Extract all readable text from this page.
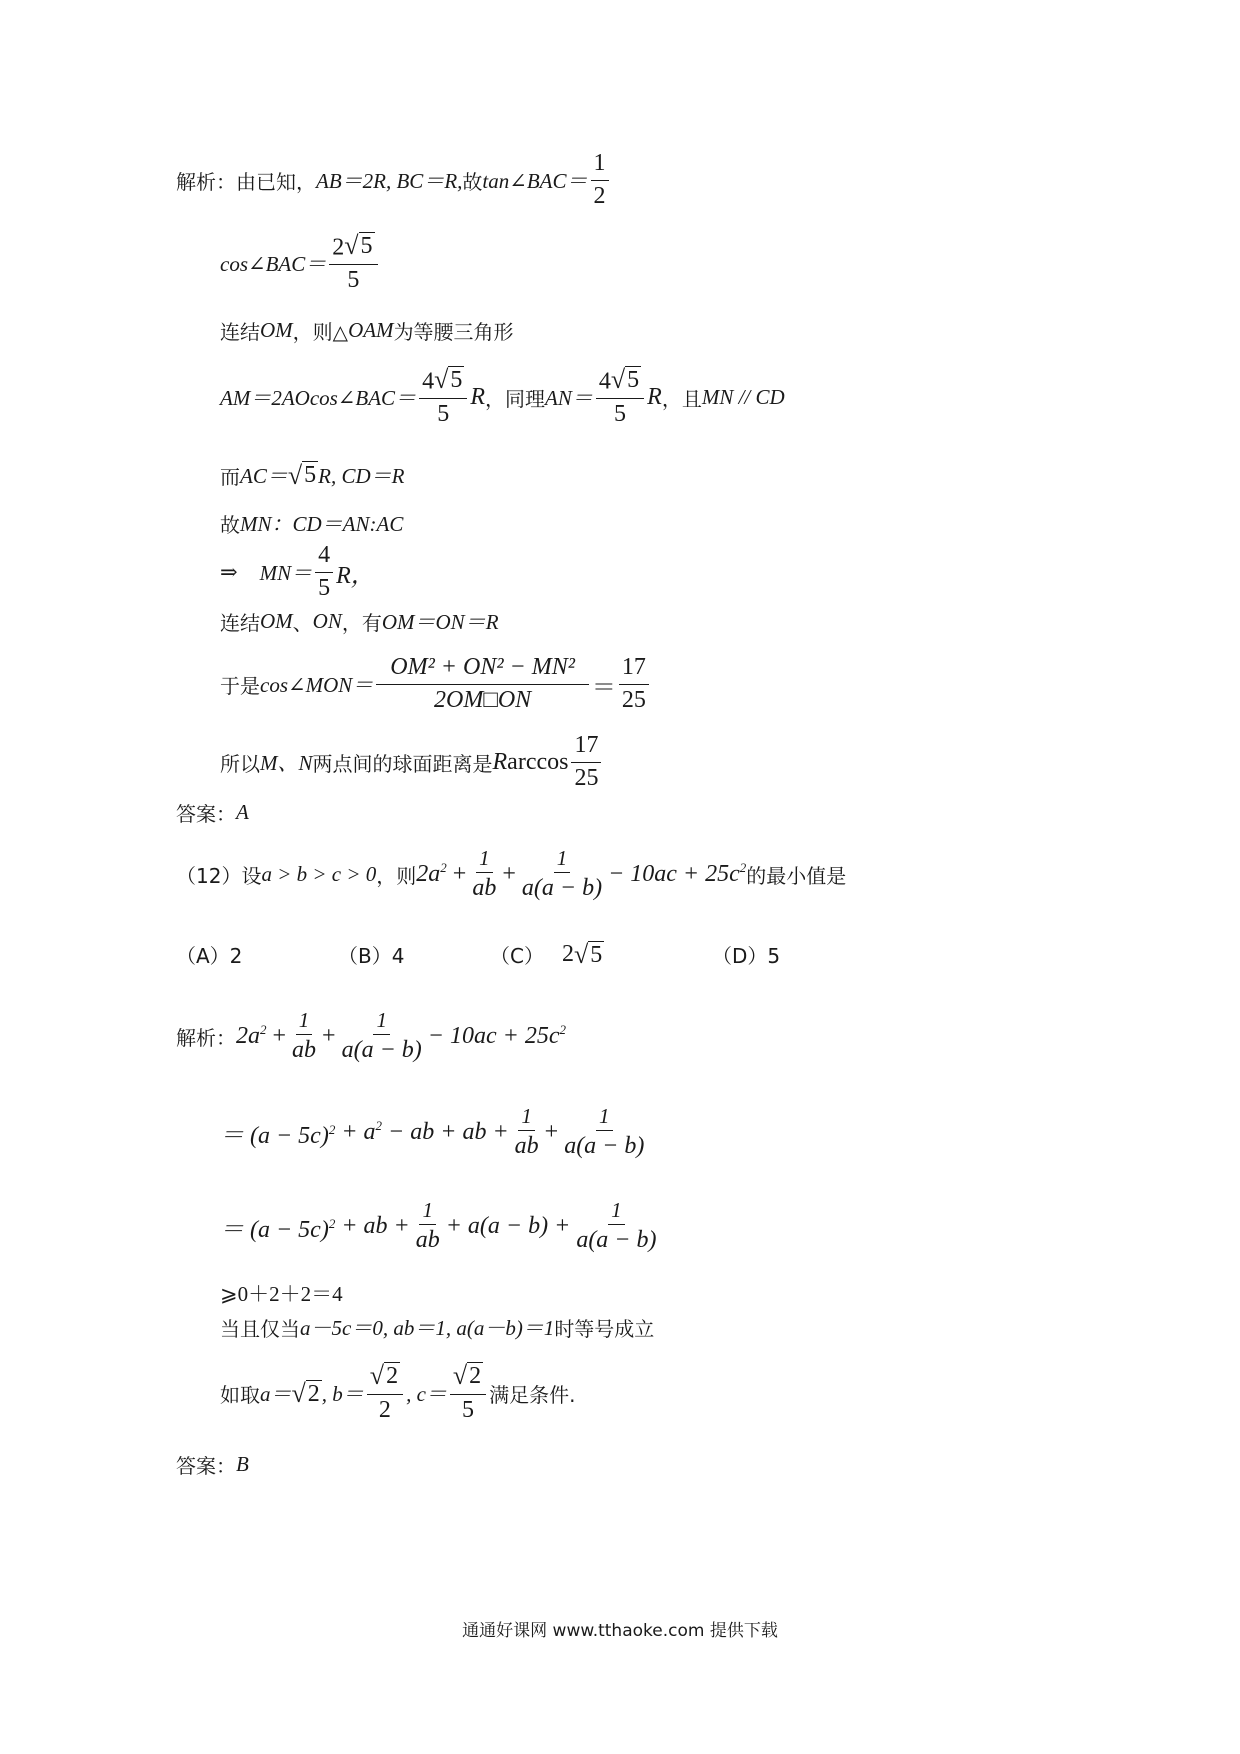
解析： 由已知， AB＝2R, BC＝R, 故 tan∠BAC＝ $\frac{1}{2}$
cos∠BAC＝ $\frac{2 √ 5}{5}$
连结 OM ，则△ OAM 为等腰三角形
AM＝2AOcos∠BAC＝ $\frac{4 √ 5}{5}$ R ，同理 $AN= \frac{4 √ 5}{5}$ R ，且 MN // CD
而 AC＝ √ 5 R, CD＝R
故 MN：CD＝AN:AC
⇒ $MN= \frac{4}{5}$ R，
连结 OM 、 ON ，有 OM＝ON＝R
于是 cos∠MON＝ $\frac{\text{OM² + ON² − MN²}}{2OM□ON} = \frac{17}{25}$
所以 M、N 两点间的球面距离是 R $\arccos \frac{17}{25}$
答案： A
（12）设 a > b > c > 0 ，则 $2a^2 + \frac{1}{ab} + \frac{1}{a(a - b)} - 10ac + 25c^2$ 的最小值是
（A）2	（B）4	（C） 2 √ 5	（D）5
解析： $2a^2 + \frac{1}{ab} + \frac{1}{a(a - b)} - 10ac + 25c^2$
＝ $(a - 5c)^2 + a^2$ − ab + ab + $\frac{1}{ab} + \frac{1}{a(a - b)}$
＝ $(a - 5c)^2$ + ab + $\frac{1}{ab} + a(a - b) + \frac{1}{a(a - b)}$
⩾0＋2＋2＝4
当且仅当 a－5c＝0, ab＝1, a(a－b)＝1 时等号成立
如取 a＝ √ 2 , $b= \frac{√ 2}{2}$ , $c= \frac{√ 2}{5}$ 满足条件.
答案： B
通通好课网 www.tthaoke.com 提供下载
